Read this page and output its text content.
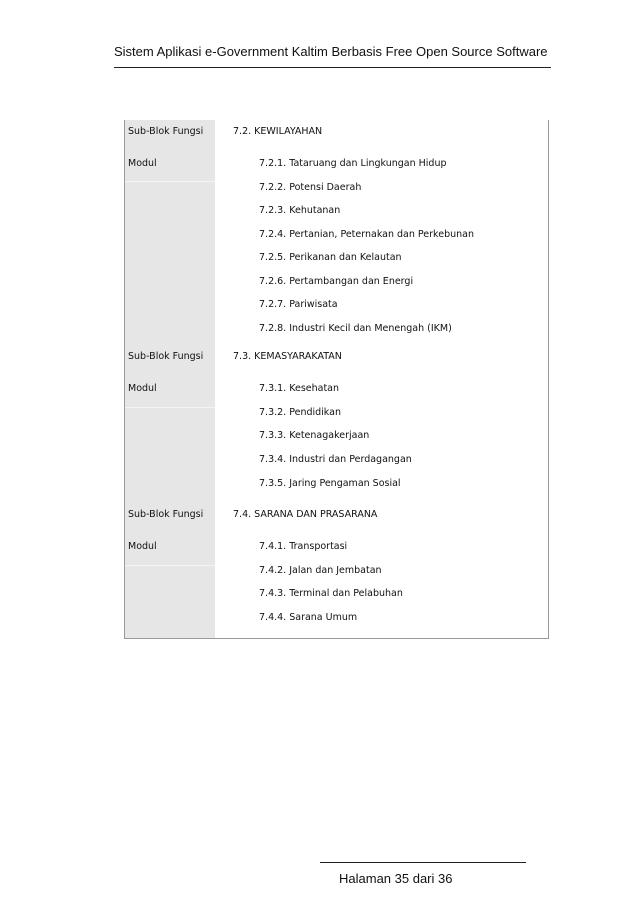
Sistem Aplikasi e-Government Kaltim Berbasis Free Open Source Software
Sub-Blok Fungsi	7.2. KEWILAYAHAN
Modul	7.2.1. Tataruang dan Lingkungan Hidup
7.2.2. Potensi Daerah
7.2.3. Kehutanan
7.2.4. Pertanian, Peternakan dan Perkebunan
7.2.5. Perikanan dan Kelautan
7.2.6. Pertambangan dan Energi
7.2.7. Pariwisata
7.2.8. Industri Kecil dan Menengah (IKM)
Sub-Blok Fungsi	7.3. KEMASYARAKATAN
Modul	7.3.1. Kesehatan
7.3.2. Pendidikan
7.3.3. Ketenagakerjaan
7.3.4. Industri dan Perdagangan
7.3.5. Jaring Pengaman Sosial
Sub-Blok Fungsi	7.4. SARANA DAN PRASARANA
Modul	7.4.1. Transportasi
7.4.2. Jalan dan Jembatan
7.4.3. Terminal dan Pelabuhan
7.4.4. Sarana Umum
Halaman 35 dari 36
